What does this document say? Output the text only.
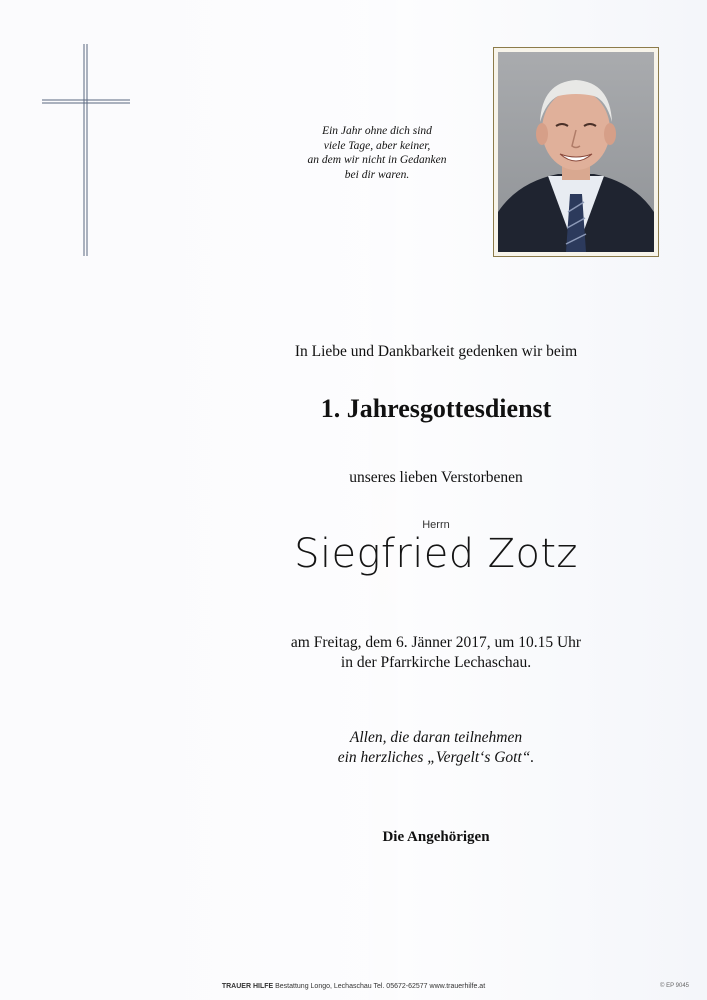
Ein Jahr ohne dich sind
viele Tage, aber keiner,
an dem wir nicht in Gedanken
bei dir waren.
In Liebe und Dankbarkeit gedenken wir beim
1. Jahresgottesdienst
unseres lieben Verstorbenen
Herrn
Siegfried Zotz
am Freitag, dem 6. Jänner 2017, um 10.15 Uhr
in der Pfarrkirche Lechaschau.
Allen, die daran teilnehmen
ein herzliches „Vergelt‘s Gott“.
Die Angehörigen
TRAUER HILFE Bestattung Longo, Lechaschau Tel. 05672-62577 www.trauerhilfe.at	© EP 9045
